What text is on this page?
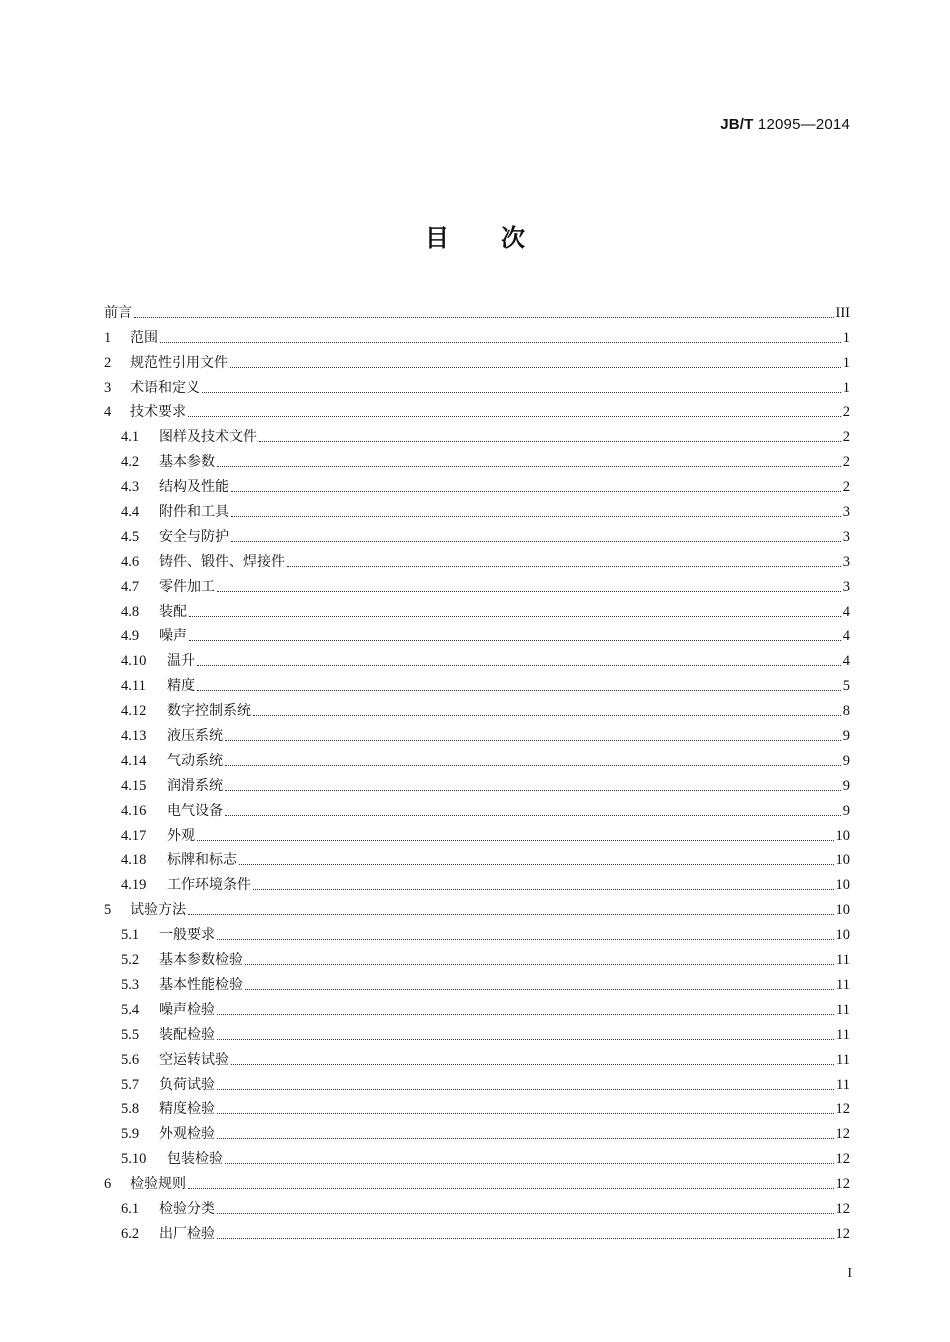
JB/T 12095—2014
目次
前言	III
1	范围	1
2	规范性引用文件	1
3	术语和定义	1
4	技术要求	2
4.1	图样及技术文件	2
4.2	基本参数	2
4.3	结构及性能	2
4.4	附件和工具	3
4.5	安全与防护	3
4.6	铸件、锻件、焊接件	3
4.7	零件加工	3
4.8	装配	4
4.9	噪声	4
4.10	温升	4
4.11	精度	5
4.12	数字控制系统	8
4.13	液压系统	9
4.14	气动系统	9
4.15	润滑系统	9
4.16	电气设备	9
4.17	外观	10
4.18	标牌和标志	10
4.19	工作环境条件	10
5	试验方法	10
5.1	一般要求	10
5.2	基本参数检验	11
5.3	基本性能检验	11
5.4	噪声检验	11
5.5	装配检验	11
5.6	空运转试验	11
5.7	负荷试验	11
5.8	精度检验	12
5.9	外观检验	12
5.10	包装检验	12
6	检验规则	12
6.1	检验分类	12
6.2	出厂检验	12
I
